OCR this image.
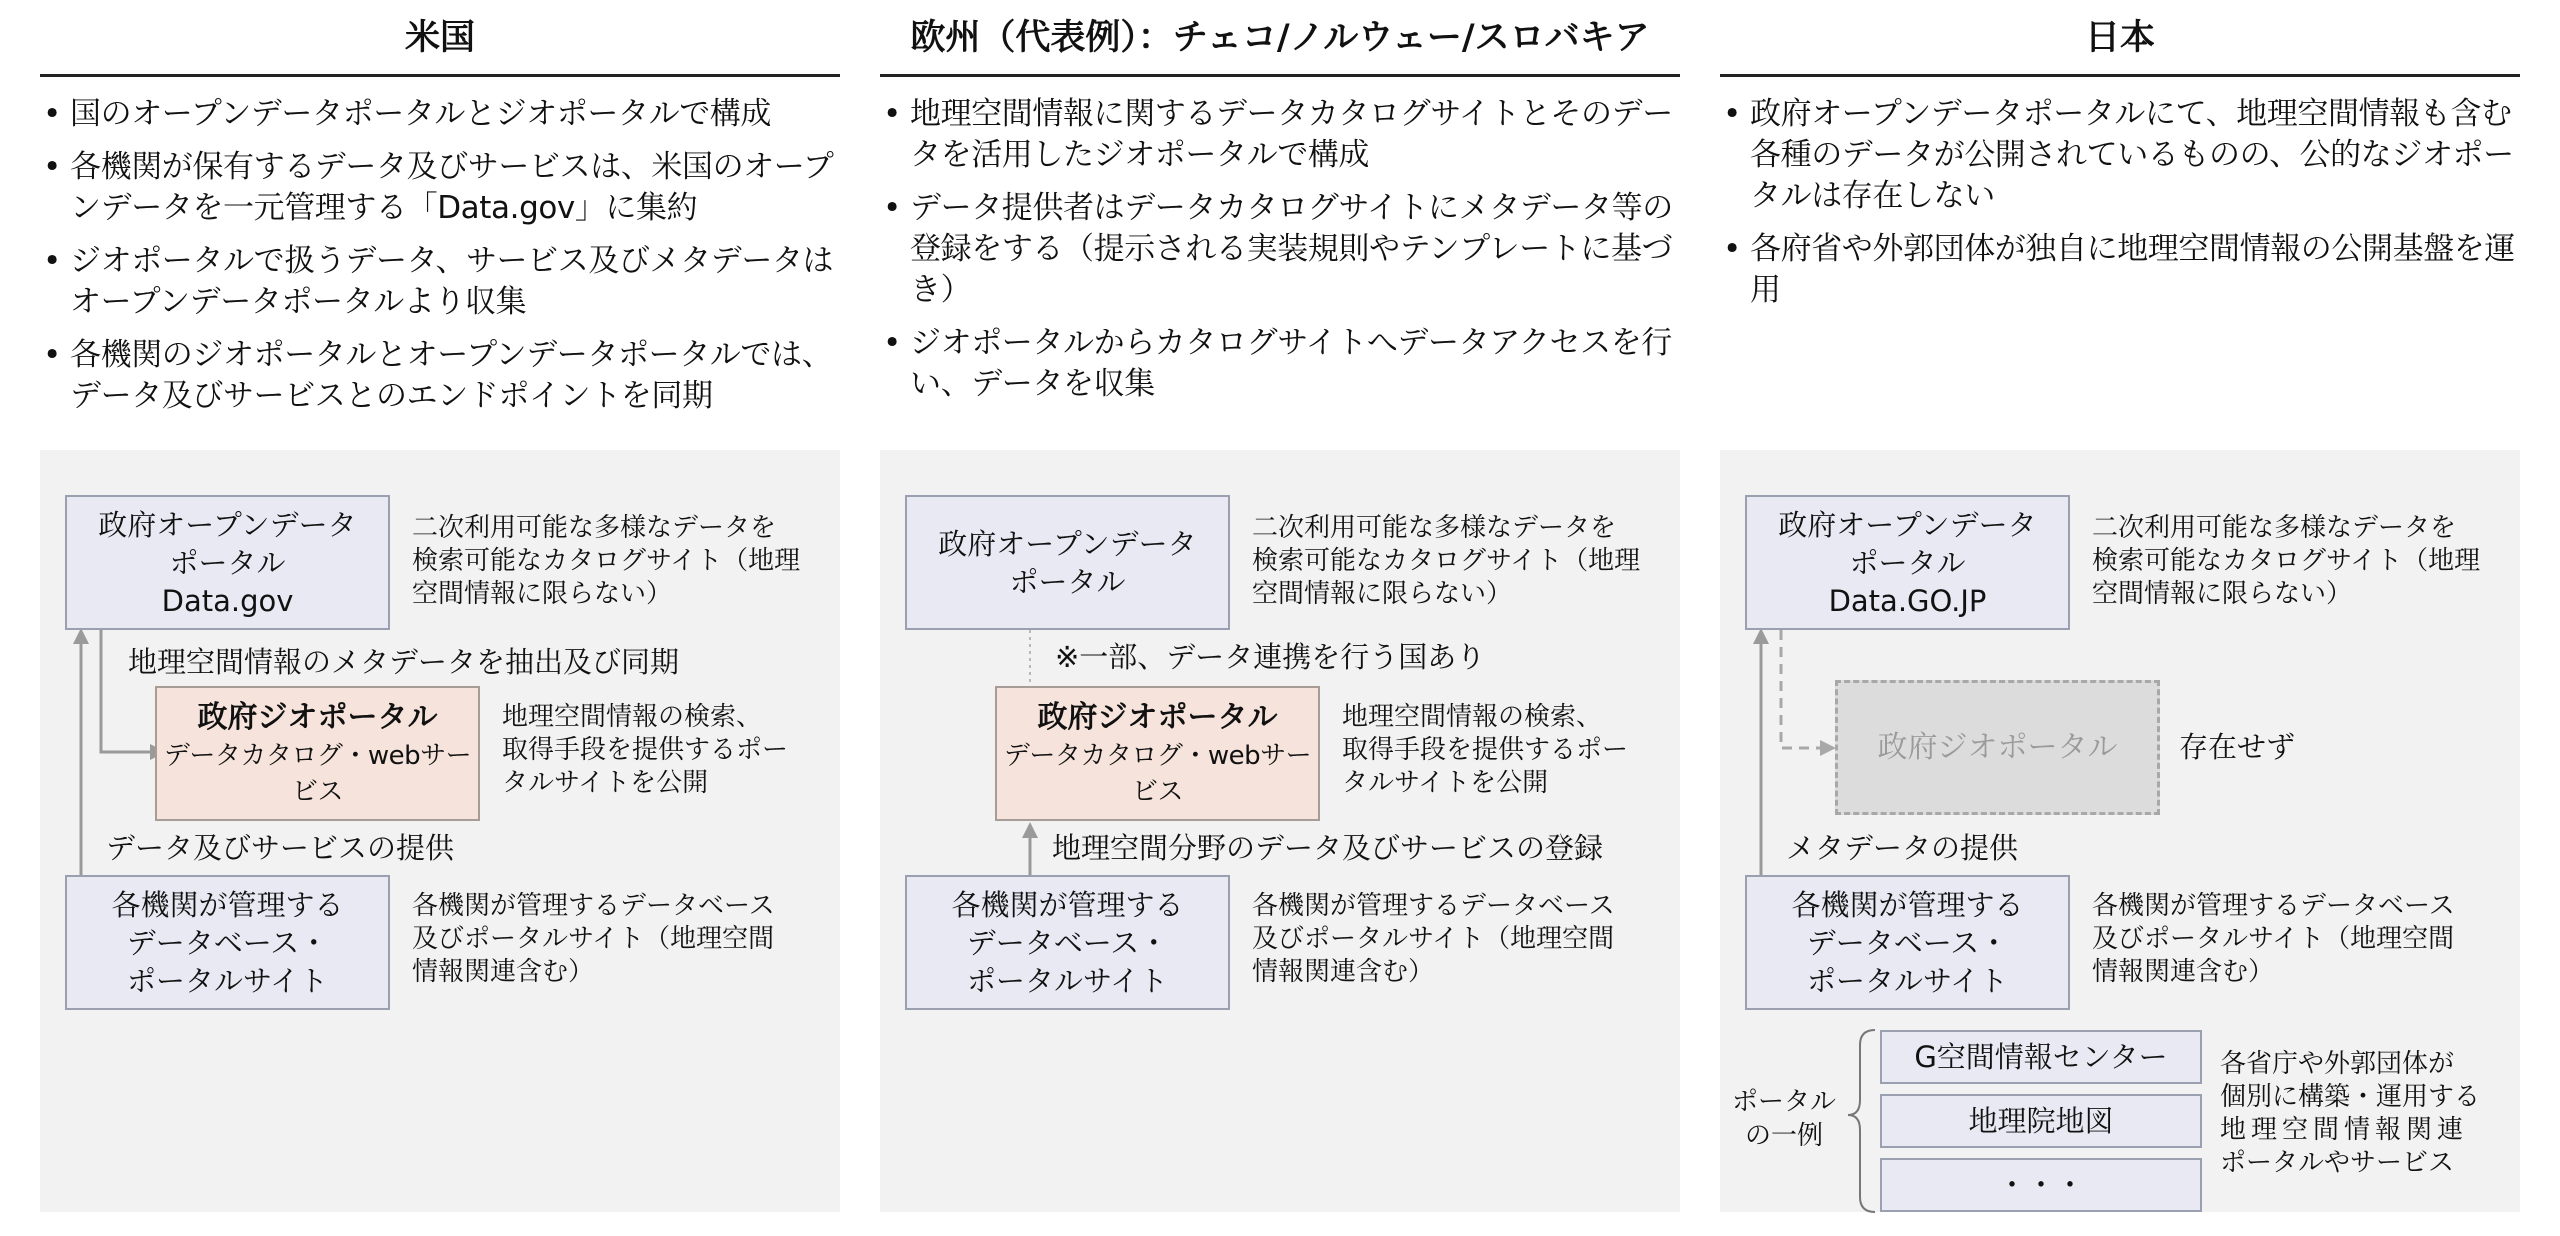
米国
• 国のオープンデータポータルとジオポータルで構成
• 各機関が保有するデータ及びサービスは、米国のオープンデータを一元管理する「Data.gov」に集約
• ジオポータルで扱うデータ、サービス及びメタデータはオープンデータポータルより収集
• 各機関のジオポータルとオープンデータポータルでは、データ及びサービスとのエンドポイントを同期
政府オープンデータ
ポータル
Data.gov
二次利用可能な多様なデータを
検索可能なカタログサイト（地理
空間情報に限らない）
地理空間情報のメタデータを抽出及び同期
政府ジオポータル
データカタログ・webサービス
地理空間情報の検索、
取得手段を提供するポー
タルサイトを公開
データ及びサービスの提供
各機関が管理する
データベース・
ポータルサイト
各機関が管理するデータベース
及びポータルサイト（地理空間
情報関連含む）
欧州（代表例）：チェコ/ノルウェー/スロバキア
• 地理空間情報に関するデータカタログサイトとそのデータを活用したジオポータルで構成
• データ提供者はデータカタログサイトにメタデータ等の登録をする（提示される実装規則やテンプレートに基づき）
• ジオポータルからカタログサイトへデータアクセスを行い、データを収集
政府オープンデータ
ポータル
二次利用可能な多様なデータを
検索可能なカタログサイト（地理
空間情報に限らない）
※一部、データ連携を行う国あり
政府ジオポータル
データカタログ・webサービス
地理空間情報の検索、
取得手段を提供するポー
タルサイトを公開
地理空間分野のデータ及びサービスの登録
各機関が管理する
データベース・
ポータルサイト
各機関が管理するデータベース
及びポータルサイト（地理空間
情報関連含む）
日本
• 政府オープンデータポータルにて、地理空間情報も含む各種のデータが公開されているものの、公的なジオポータルは存在しない
• 各府省や外郭団体が独自に地理空間情報の公開基盤を運用
政府オープンデータ
ポータル
Data.GO.JP
二次利用可能な多様なデータを
検索可能なカタログサイト（地理
空間情報に限らない）
政府ジオポータル 存在せず
メタデータの提供
各機関が管理する
データベース・
ポータルサイト
各機関が管理するデータベース
及びポータルサイト（地理空間
情報関連含む）
ポータル
の一例
G空間情報センター
地理院地図
・・・
各省庁や外郭団体が
個別に構築・運用する
地理空間情報関連
ポータルやサービス
